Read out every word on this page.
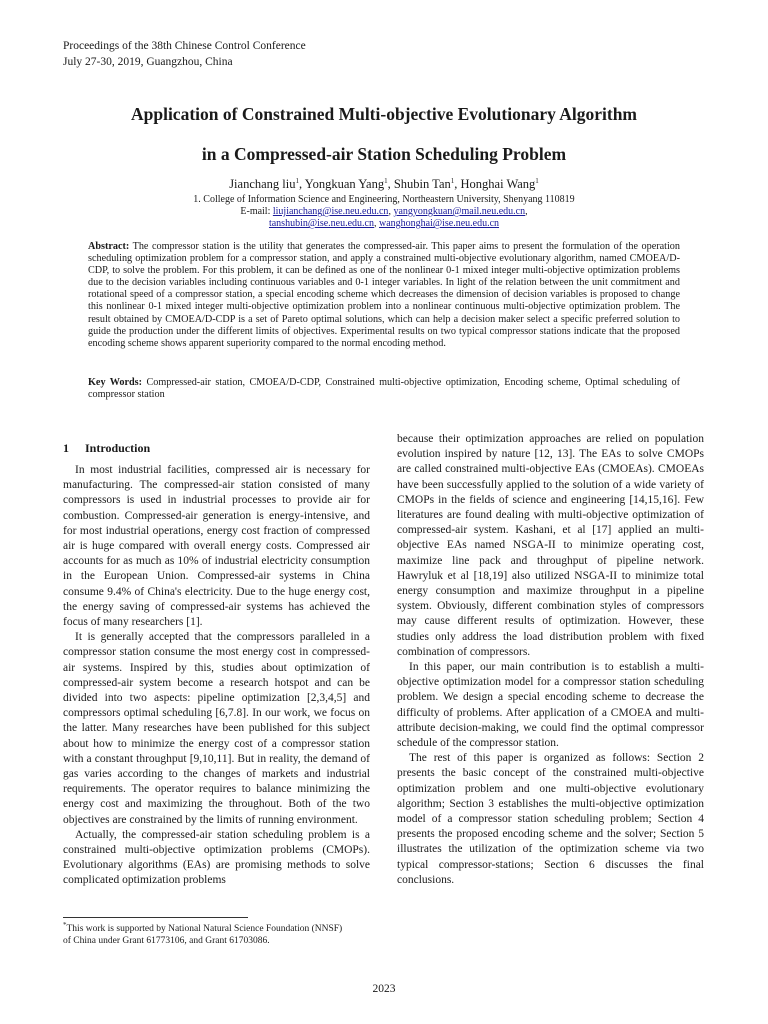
Proceedings of the 38th Chinese Control Conference
July 27-30, 2019, Guangzhou, China
Application of Constrained Multi-objective Evolutionary Algorithm
in a Compressed-air Station Scheduling Problem
Jianchang liu$^1$, Yongkuan Yang$^1$, Shubin Tan$^1$, Honghai Wang$^1$
1. College of Information Science and Engineering, Northeastern University, Shenyang 110819
E-mail: liujianchang@ise.neu.edu.cn, yangyongkuan@mail.neu.edu.cn,
tanshubin@ise.neu.edu.cn, wanghonghai@ise.neu.edu.cn
Abstract: The compressor station is the utility that generates the compressed-air. This paper aims to present the formulation of the operation scheduling optimization problem for a compressor station, and apply a constrained multi-objective evolutionary algorithm, named CMOEA/D-CDP, to solve the problem. For this problem, it can be defined as one of the nonlinear 0-1 mixed integer multi-objective optimization problems due to the decision variables including continuous variables and 0-1 integer variables. In light of the relation between the unit commitment and rotational speed of a compressor station, a special encoding scheme which decreases the dimension of decision variables is proposed to change this nonlinear 0-1 mixed integer multi-objective optimization problem into a nonlinear continuous multi-objective optimization problem. The result obtained by CMOEA/D-CDP is a set of Pareto optimal solutions, which can help a decision maker select a specific preferred solution to guide the production under the different limits of objectives. Experimental results on two typical compressor stations indicate that the proposed encoding scheme shows apparent superiority compared to the normal encoding method.
Key Words: Compressed-air station, CMOEA/D-CDP, Constrained multi-objective optimization, Encoding scheme, Optimal scheduling of compressor station
1 Introduction

In most industrial facilities, compressed air is necessary for manufacturing. The compressed-air station consisted of many compressors is used in industrial processes to provide air for combustion. Compressed-air generation is energy-intensive, and for most industrial operations, energy cost fraction of compressed air is huge compared with overall energy costs. Compressed air accounts for as much as 10% of industrial electricity consumption in the European Union. Compressed-air systems in China consume 9.4% of China's electricity. Due to the huge energy cost, the energy saving of compressed-air systems has achieved the focus of many researchers [1].

It is generally accepted that the compressors paralleled in a compressor station consume the most energy cost in compressed-air systems. Inspired by this, studies about optimization of compressed-air system become a research hotspot and can be divided into two aspects: pipeline optimization [2,3,4,5] and compressors optimal scheduling [6,7.8]. In our work, we focus on the latter. Many researches have been published for this subject about how to minimize the energy cost of a compressor station with a constant throughput [9,10,11]. But in reality, the demand of gas varies according to the changes of markets and industrial requirements. The operator requires to balance minimizing the energy cost and maximizing the throughout. Both of the two objectives are constrained by the limits of running environment.

Actually, the compressed-air station scheduling problem is a constrained multi-objective optimization problems (CMOPs). Evolutionary algorithms (EAs) are promising methods to solve complicated optimization problems

because their optimization approaches are relied on population evolution inspired by nature [12, 13]. The EAs to solve CMOPs are called constrained multi-objective EAs (CMOEAs). CMOEAs have been successfully applied to the solution of a wide variety of CMOPs in the fields of science and engineering [14,15,16]. Few literatures are found dealing with multi-objective optimization of compressed-air system. Kashani, et al [17] applied an multi-objective EAs named NSGA-II to minimize operating cost, maximize line pack and throughput of pipeline network. Hawryluk et al [18,19] also utilized NSGA-II to minimize total energy consumption and maximize throughput in a pipeline system. Obviously, different combination styles of compressors may cause different results of optimization. However, these studies only address the load distribution problem with fixed combination of compressors.

In this paper, our main contribution is to establish a multi-objective optimization model for a compressor station scheduling problem. We design a special encoding scheme to decrease the difficulty of problems. After application of a CMOEA and multi-attribute decision-making, we could find the optimal compressor schedule of the compressor station.

The rest of this paper is organized as follows: Section 2 presents the basic concept of the constrained multi-objective optimization problem and one multi-objective evolutionary algorithm; Section 3 establishes the multi-objective optimization model of a compressor station scheduling problem; Section 4 presents the proposed encoding scheme and the solver; Section 5 illustrates the utilization of the optimization scheme via two typical compressor-stations; Section 6 discusses the final conclusions.

*This work is supported by National Natural Science Foundation (NNSF)
of China under Grant 61773106, and Grant 61703086.
2023
